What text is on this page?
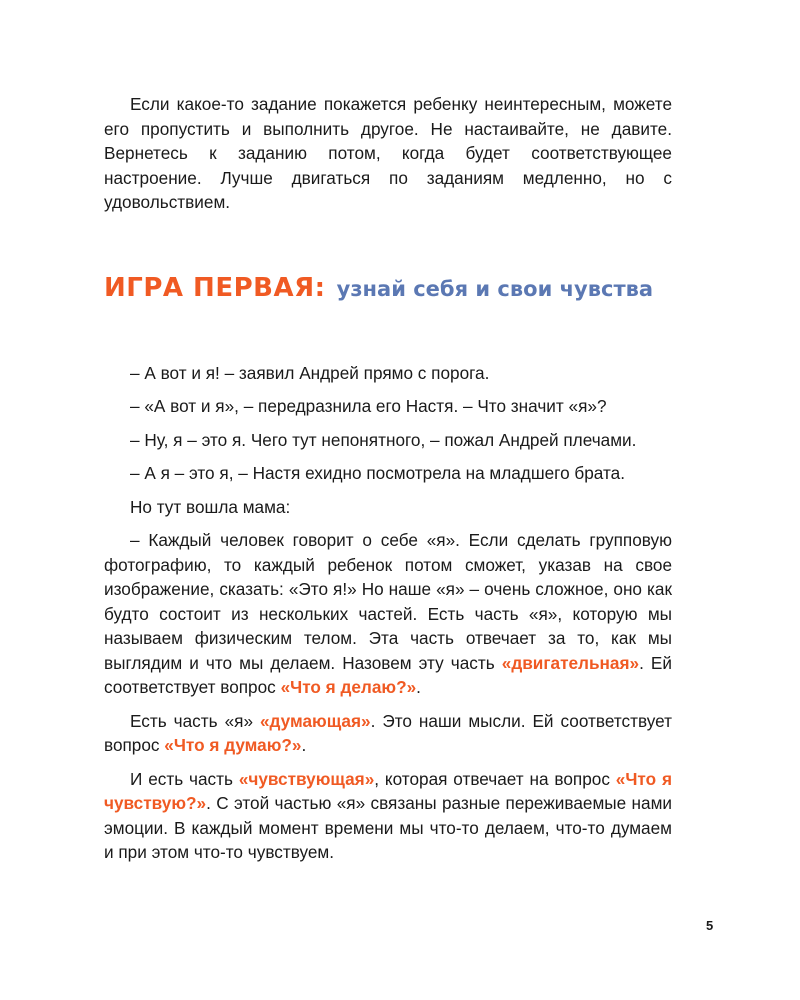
Если какое-то задание покажется ребенку неинтересным, можете его пропустить и выполнить другое. Не настаивайте, не давите. Вернетесь к заданию потом, когда будет соответствующее настроение. Лучше двигаться по заданиям медленно, но с удовольствием.

ИГРА ПЕРВАЯ: узнай себя и свои чувства

– А вот и я! – заявил Андрей прямо с порога.

– «А вот и я», – передразнила его Настя. – Что значит «я»?

– Ну, я – это я. Чего тут непонятного, – пожал Андрей плечами.

– А я – это я, – Настя ехидно посмотрела на младшего брата.

Но тут вошла мама:

– Каждый человек говорит о себе «я». Если сделать групповую фотографию, то каждый ребенок потом сможет, указав на свое изображение, сказать: «Это я!» Но наше «я» – очень сложное, оно как будто состоит из нескольких частей. Есть часть «я», которую мы называем физическим телом. Эта часть отвечает за то, как мы выглядим и что мы делаем. Назовем эту часть «двигательная». Ей соответствует вопрос «Что я делаю?».

Есть часть «я» «думающая». Это наши мысли. Ей соответствует вопрос «Что я думаю?».

И есть часть «чувствующая», которая отвечает на вопрос «Что я чувствую?». С этой частью «я» связаны разные переживаемые нами эмоции. В каждый момент времени мы что-то делаем, что-то думаем и при этом что-то чувствуем.

5
